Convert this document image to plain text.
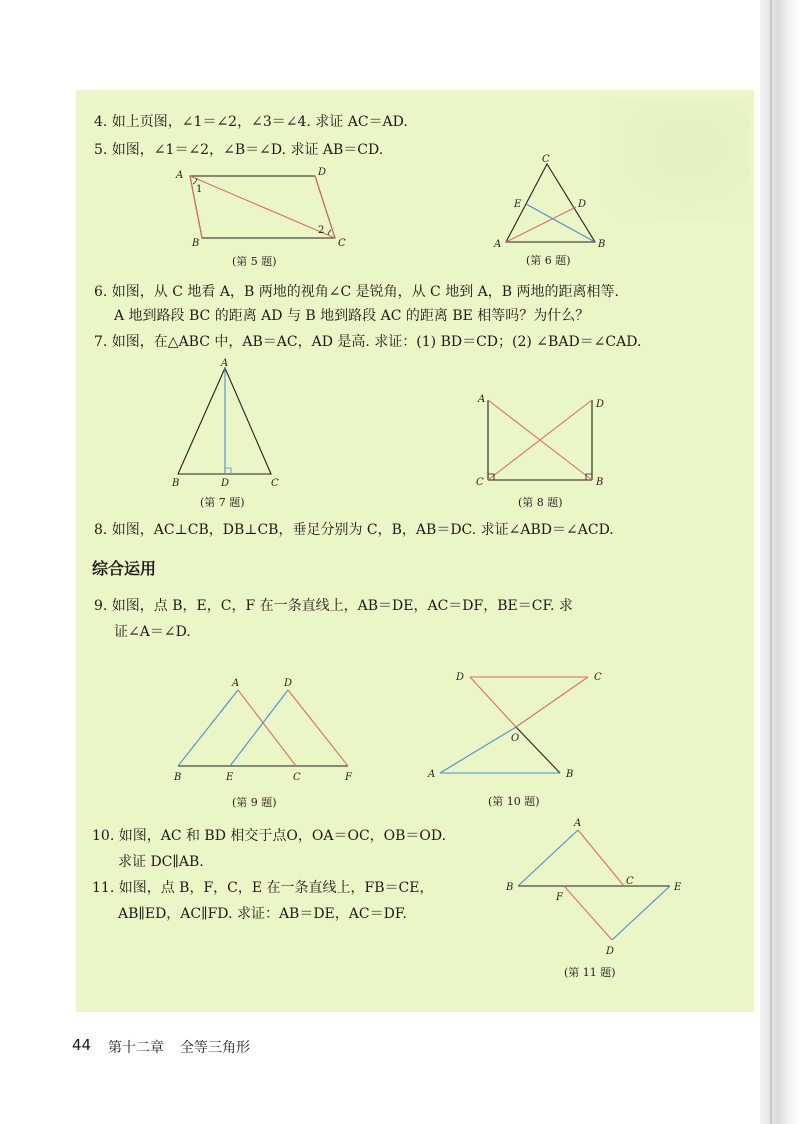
4. 如上页图，∠1＝∠2，∠3＝∠4. 求证 AC＝AD.
5. 如图，∠1＝∠2，∠B＝∠D. 求证 AB＝CD.
A	D
B	C
1
2
(第 5 题)
C
E	D
A	B
(第 6 题)
6. 如图，从 C 地看 A，B 两地的视角∠C 是锐角，从 C 地到 A，B 两地的距离相等.
A 地到路段 BC 的距离 AD 与 B 地到路段 AC 的距离 BE 相等吗？为什么？
7. 如图，在△ABC 中，AB＝AC，AD 是高. 求证：(1) BD＝CD；(2) ∠BAD＝∠CAD.
A
B	D	C
(第 7 题)
A	D
C	B
(第 8 题)
8. 如图，AC⊥CB，DB⊥CB，垂足分别为 C，B，AB＝DC. 求证∠ABD＝∠ACD.
综合运用
9. 如图，点 B，E，C，F 在一条直线上，AB＝DE，AC＝DF，BE＝CF. 求
证∠A＝∠D.
A	D
B	E	C	F
(第 9 题)
D	C
O
A	B
(第 10 题)
10. 如图，AC 和 BD 相交于点O，OA＝OC，OB＝OD.
求证 DC∥AB.
11. 如图，点 B，F，C，E 在一条直线上，FB＝CE，
AB∥ED，AC∥FD. 求证：AB＝DE，AC＝DF.
A
B
C
E
F
D
(第 11 题)
44 第十二章 全等三角形
